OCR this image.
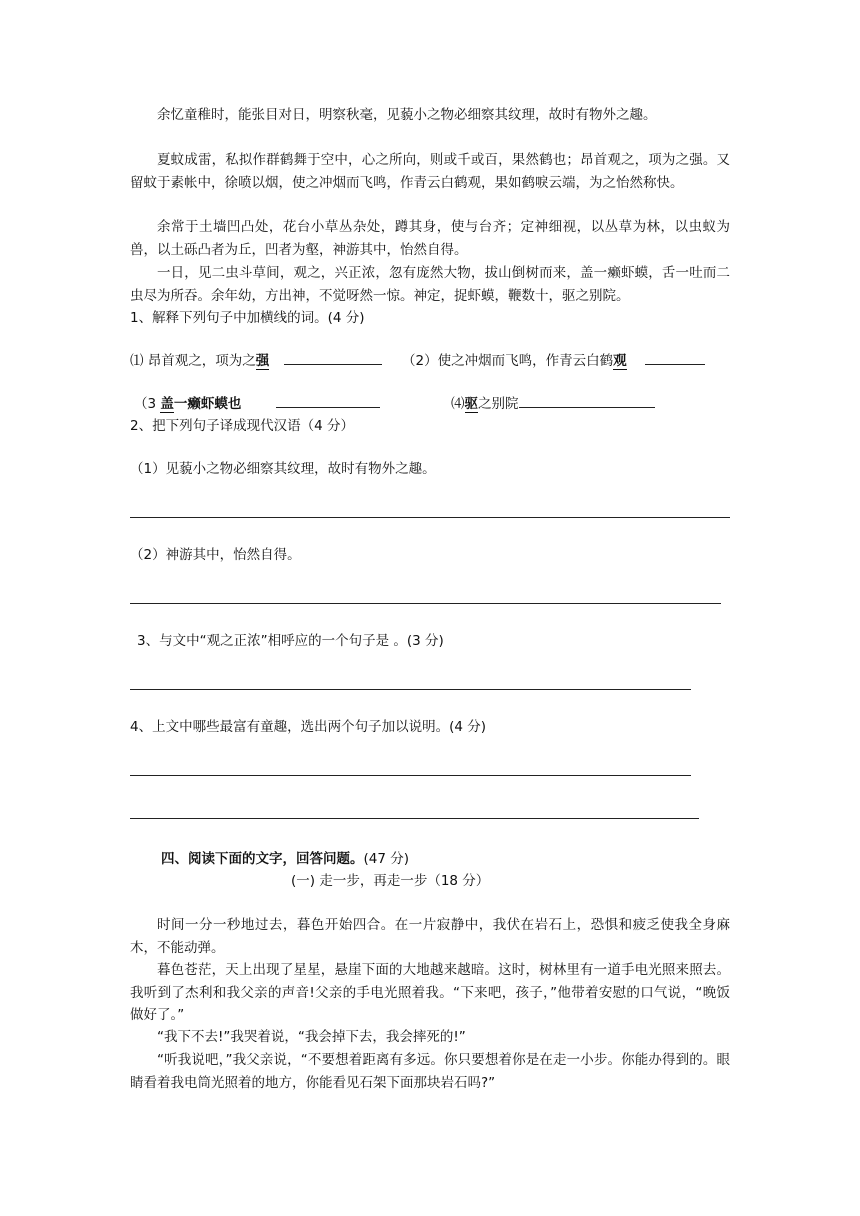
余忆童稚时，能张目对日，明察秋毫，见藐小之物必细察其纹理，故时有物外之趣。
夏蚊成雷，私拟作群鹤舞于空中，心之所向，则或千或百，果然鹤也；昂首观之，项为之强。又留蚊于素帐中，徐喷以烟，使之冲烟而飞鸣，作青云白鹤观，果如鹤唳云端，为之怡然称快。
余常于土墙凹凸处，花台小草丛杂处，蹲其身，使与台齐；定神细视，以丛草为林，以虫蚁为兽，以土砾凸者为丘，凹者为壑，神游其中，怡然自得。
一日，见二虫斗草间，观之，兴正浓，忽有庞然大物，拔山倒树而来，盖一癞虾蟆，舌一吐而二虫尽为所吞。余年幼，方出神，不觉呀然一惊。神定，捉虾蟆，鞭数十，驱之别院。
1、解释下列句子中加横线的词。(4 分)
⑴ 昂首观之，项为之强	（2）使之冲烟而飞鸣，作青云白鹤观
（3 盖一癞虾蟆也	⑷驱之别院
2、把下列句子译成现代汉语（4 分）
（1）见藐小之物必细察其纹理，故时有物外之趣。
（2）神游其中，怡然自得。
3、与文中“观之正浓”相呼应的一个句子是 。(3 分)
4、上文中哪些最富有童趣，选出两个句子加以说明。(4 分)
四、阅读下面的文字，回答问题。(47 分)
(一) 走一步，再走一步（18 分）
时间一分一秒地过去，暮色开始四合。在一片寂静中，我伏在岩石上，恐惧和疲乏使我全身麻木，不能动弹。
暮色苍茫，天上出现了星星，悬崖下面的大地越来越暗。这时，树林里有一道手电光照来照去。我听到了杰利和我父亲的声音!父亲的手电光照着我。“下来吧，孩子，”他带着安慰的口气说，“晚饭做好了。”
“我下不去!”我哭着说，“我会掉下去，我会摔死的!”
“听我说吧，”我父亲说，“不要想着距离有多远。你只要想着你是在走一小步。你能办得到的。眼睛看着我电筒光照着的地方，你能看见石架下面那块岩石吗?”
